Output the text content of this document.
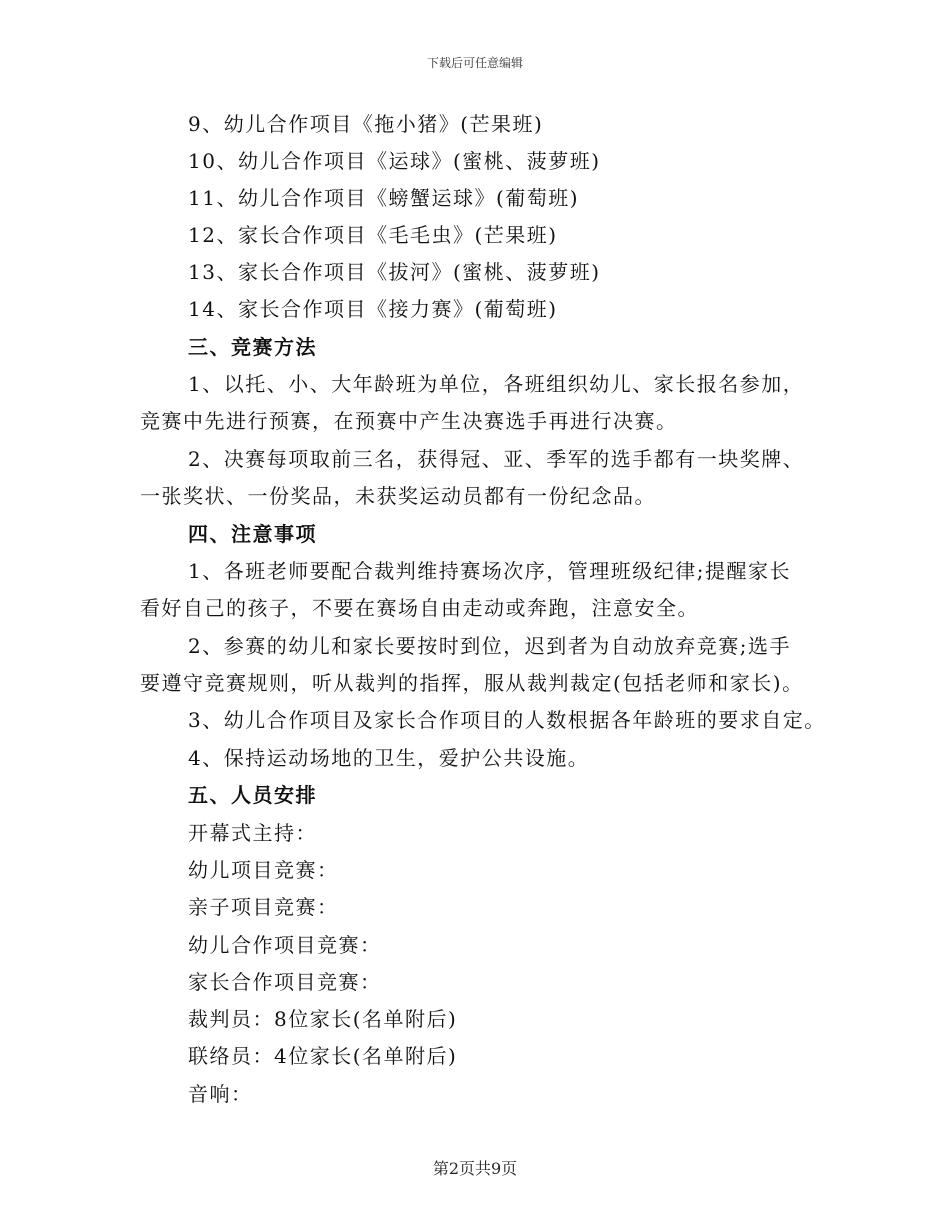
下载后可任意编辑
9、幼儿合作项目《拖小猪》(芒果班)
10、幼儿合作项目《运球》(蜜桃、菠萝班)
11、幼儿合作项目《螃蟹运球》(葡萄班)
12、家长合作项目《毛毛虫》(芒果班)
13、家长合作项目《拔河》(蜜桃、菠萝班)
14、家长合作项目《接力赛》(葡萄班)
三、竞赛方法
1、以托、小、大年龄班为单位，各班组织幼儿、家长报名参加，
竞赛中先进行预赛，在预赛中产生决赛选手再进行决赛。
2、决赛每项取前三名，获得冠、亚、季军的选手都有一块奖牌、
一张奖状、一份奖品，未获奖运动员都有一份纪念品。
四、注意事项
1、各班老师要配合裁判维持赛场次序，管理班级纪律;提醒家长
看好自己的孩子，不要在赛场自由走动或奔跑，注意安全。
2、参赛的幼儿和家长要按时到位，迟到者为自动放弃竞赛;选手
要遵守竞赛规则，听从裁判的指挥，服从裁判裁定(包括老师和家长)。
3、幼儿合作项目及家长合作项目的人数根据各年龄班的要求自定。
4、保持运动场地的卫生，爱护公共设施。
五、人员安排
开幕式主持：
幼儿项目竞赛：
亲子项目竞赛：
幼儿合作项目竞赛：
家长合作项目竞赛：
裁判员：8位家长(名单附后)
联络员：4位家长(名单附后)
音响：
第2页共9页
